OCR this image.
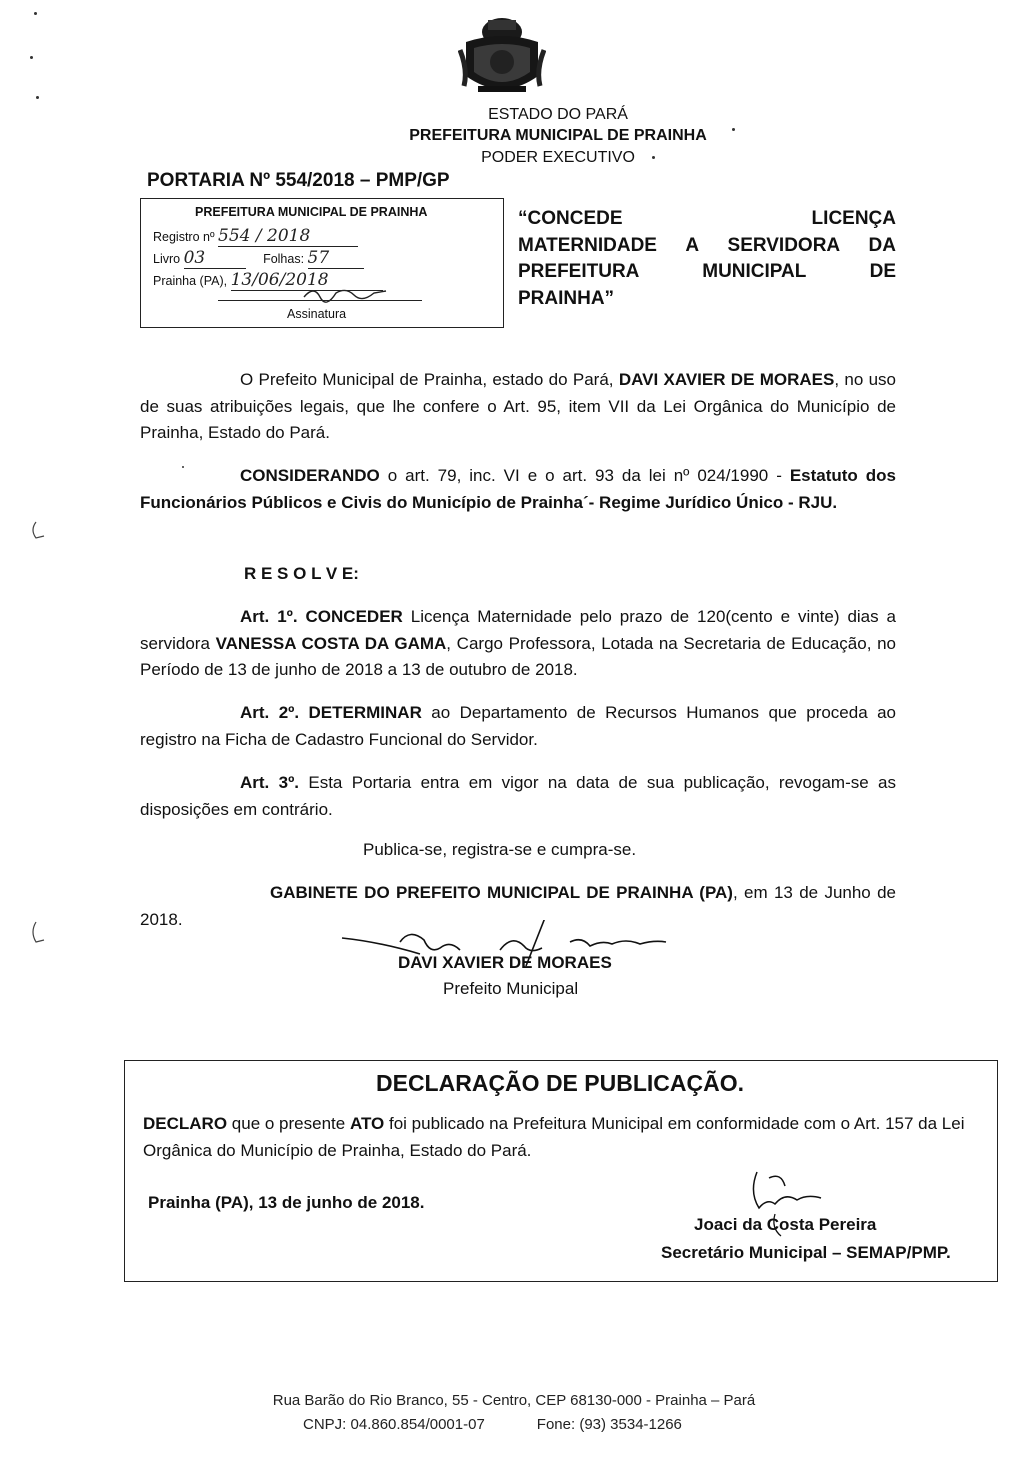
ESTADO DO PARÁ
PREFEITURA MUNICIPAL DE PRAINHA
PODER EXECUTIVO
PORTARIA Nº 554/2018 – PMP/GP
PREFEITURA MUNICIPAL DE PRAINHA
Registro nº 554 / 2018
Livro 03	Folhas: 57
Prainha (PA), 13/06/2018
Assinatura
“CONCEDE LICENÇA
MATERNIDADE A SERVIDORA DA
PREFEITURA MUNICIPAL DE
PRAINHA”
O Prefeito Municipal de Prainha, estado do Pará, DAVI XAVIER DE MORAES, no uso de suas atribuições legais, que lhe confere o Art. 95, item VII da Lei Orgânica do Município de Prainha, Estado do Pará.
CONSIDERANDO o art. 79, inc. VI e o art. 93 da lei nº 024/1990 - Estatuto dos Funcionários Públicos e Civis do Município de Prainha´- Regime Jurídico Único - RJU.
R E S O L V E:
Art. 1º. CONCEDER Licença Maternidade pelo prazo de 120(cento e vinte) dias a servidora VANESSA COSTA DA GAMA, Cargo Professora, Lotada na Secretaria de Educação, no Período de 13 de junho de 2018 a 13 de outubro de 2018.
Art. 2º. DETERMINAR ao Departamento de Recursos Humanos que proceda ao registro na Ficha de Cadastro Funcional do Servidor.
Art. 3º. Esta Portaria entra em vigor na data de sua publicação, revogam-se as disposições em contrário.
Publica-se, registra-se e cumpra-se.
GABINETE DO PREFEITO MUNICIPAL DE PRAINHA (PA), em 13 de Junho de 2018.
DAVI XAVIER DE MORAES
Prefeito Municipal
DECLARAÇÃO DE PUBLICAÇÃO.
DECLARO que o presente ATO foi publicado na Prefeitura Municipal em conformidade com o Art. 157 da Lei Orgânica do Município de Prainha, Estado do Pará.
Prainha (PA), 13 de junho de 2018.
Joaci da Costa Pereira
Secretário Municipal – SEMAP/PMP.
Rua Barão do Rio Branco, 55 - Centro, CEP 68130-000 - Prainha – Pará
CNPJ: 04.860.854/0001-07	Fone: (93) 3534-1266
